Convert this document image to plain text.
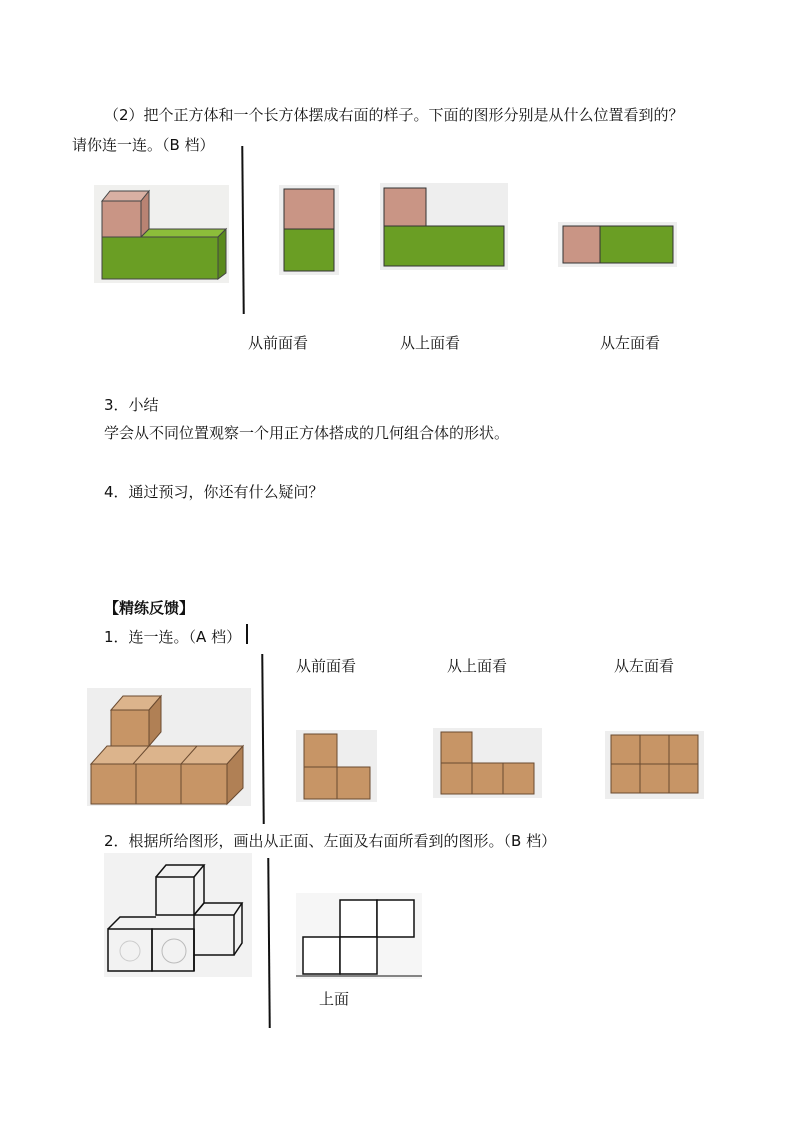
（2）把个正方体和一个长方体摆成右面的样子。下面的图形分别是从什么位置看到的？
请你连一连。（B 档）
从前面看	从上面看	从左面看
3．小结
学会从不同位置观察一个用正方体搭成的几何组合体的形状。
4．通过预习，你还有什么疑问？
【精练反馈】
1．连一连。（A 档）
从前面看	从上面看	从左面看
2．根据所给图形，画出从正面、左面及右面所看到的图形。（B 档）
上面
